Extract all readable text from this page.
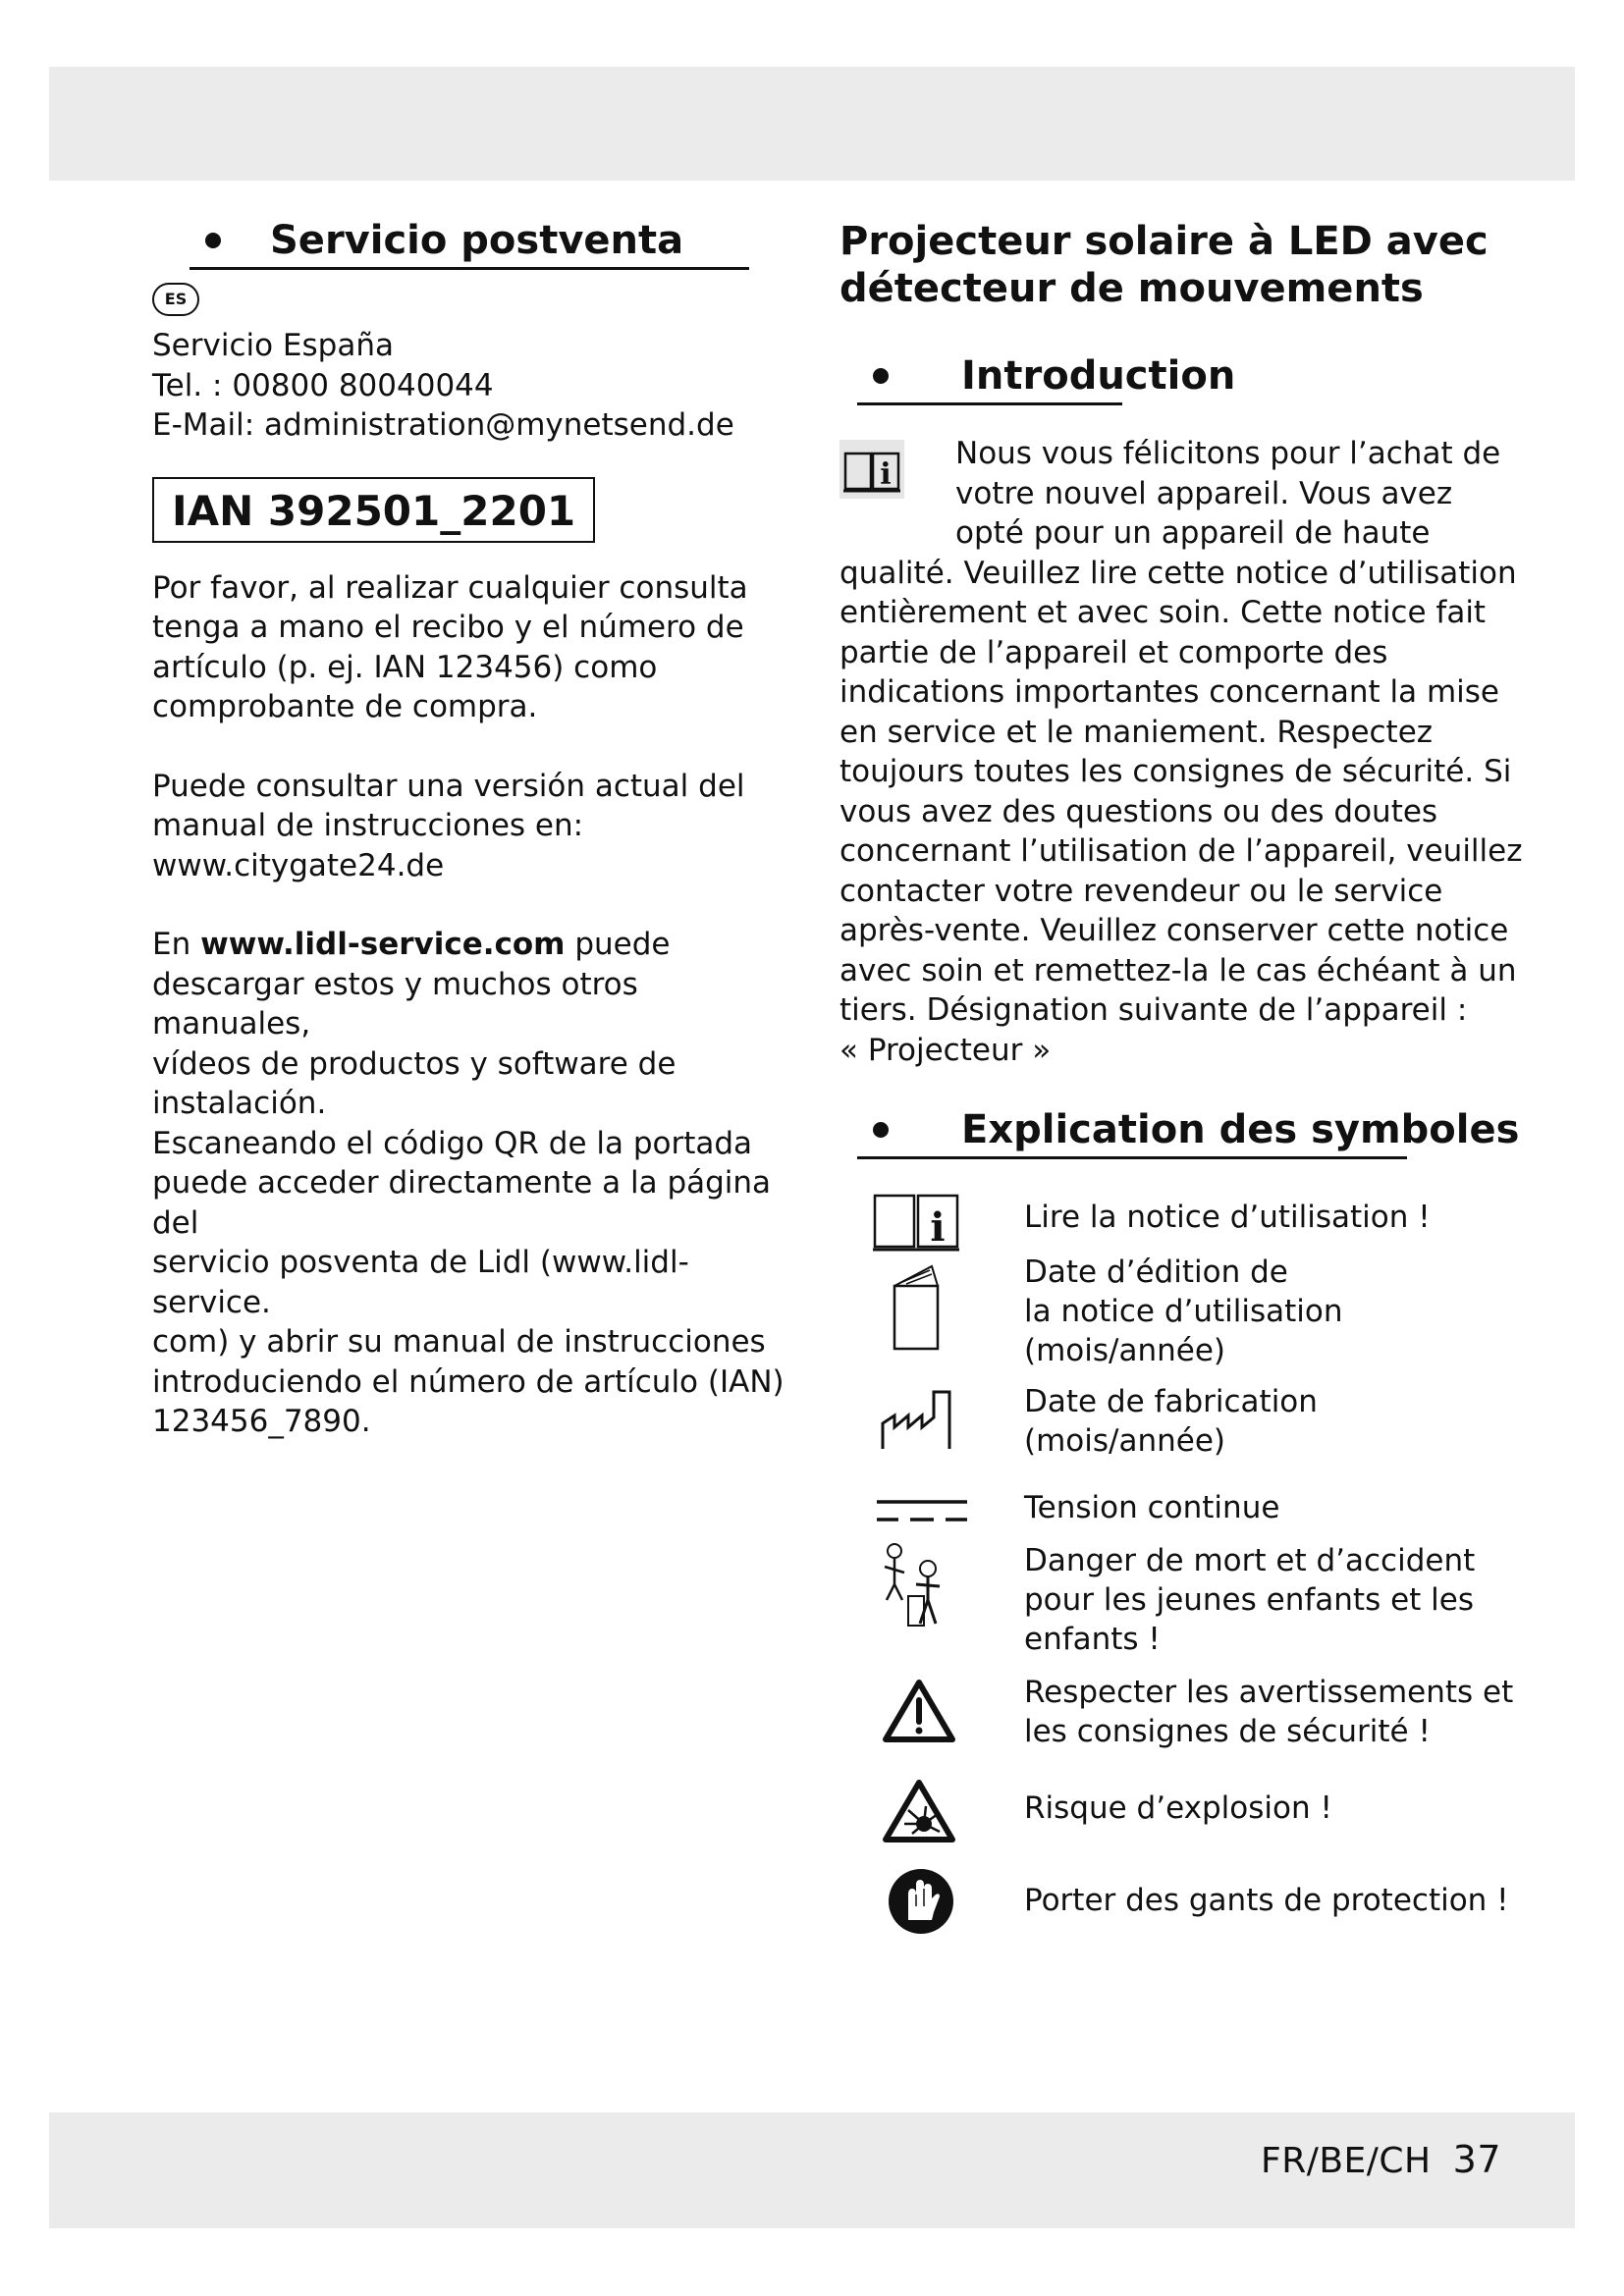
Servicio postventa
ES

Servicio España

Tel. : 00800 80040044

E-Mail: administration@mynetsend.de

IAN 392501_2201

Por favor, al realizar cualquier consulta

tenga a mano el recibo y el número de

artículo (p. ej. IAN 123456) como

comprobante de compra.

Puede consultar una versión actual del

manual de instrucciones en:

www.citygate24.de

En www.lidl-service.com puede

descargar estos y muchos otros manuales,

vídeos de productos y software de

instalación.

Escaneando el código QR de la portada

puede acceder directamente a la página del

servicio posventa de Lidl (www.lidl-service.

com) y abrir su manual de instrucciones

introduciendo el número de artículo (IAN)

123456_7890.

Projecteur solaire à LED avec
détecteur de mouvements
Introduction
i

Nous vous félicitons pour l’achat de

votre nouvel appareil. Vous avez

opté pour un appareil de haute

qualité. Veuillez lire cette notice d’utilisation

entièrement et avec soin. Cette notice fait

partie de l’appareil et comporte des

indications importantes concernant la mise

en service et le maniement. Respectez

toujours toutes les consignes de sécurité. Si

vous avez des questions ou des doutes

concernant l’utilisation de l’appareil, veuillez

contacter votre revendeur ou le service

après-vente. Veuillez conserver cette notice

avec soin et remettez-la le cas échéant à un

tiers. Désignation suivante de l’appareil :

« Projecteur »

Explication des symboles
i	Lire la notice d’utilisation !
Date d’édition de
la notice d’utilisation
(mois/année)
Date de fabrication
(mois/année)
Tension continue
Danger de mort et d’accident
pour les jeunes enfants et les
enfants !
Respecter les avertissements et
les consignes de sécurité !
Risque d’explosion !
Porter des gants de protection !
FR/BE/CH 37
